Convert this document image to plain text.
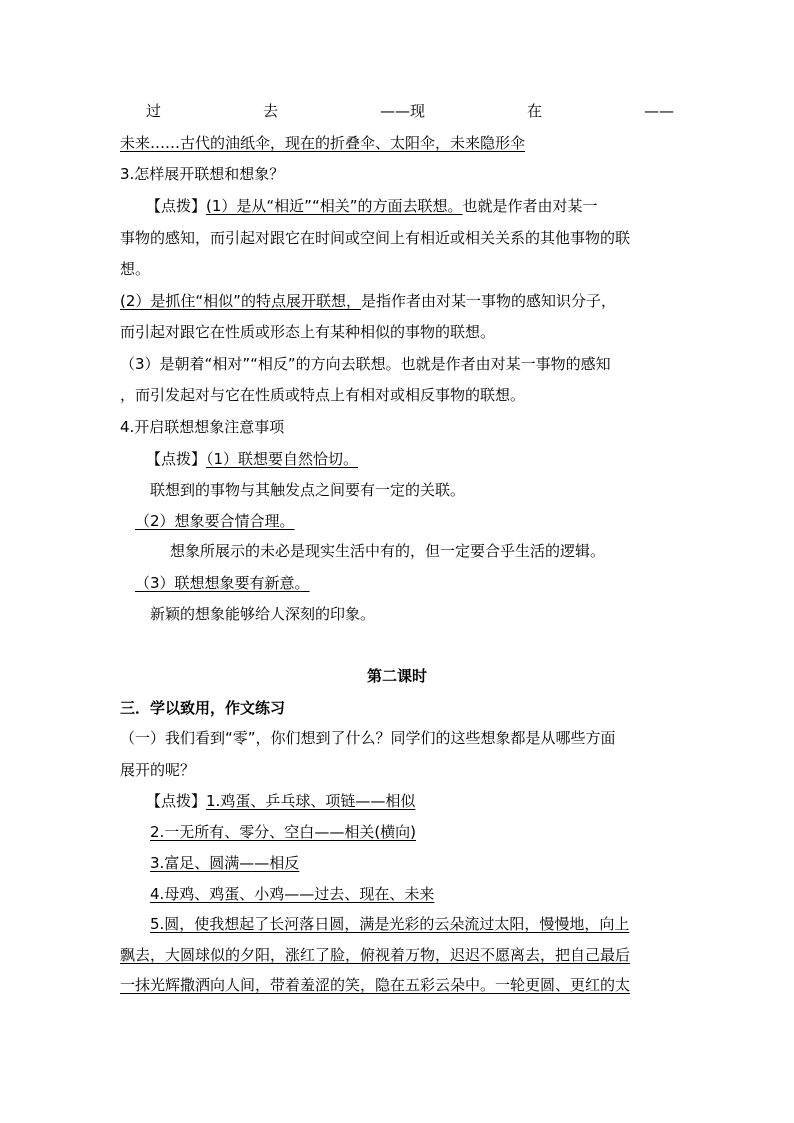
过	去	——现	在	——
未来……古代的油纸伞，现在的折叠伞、太阳伞，未来隐形伞
3.怎样展开联想和想象？
【点拨】(1）是从“相近”“相关”的方面去联想。也就是作者由对某一
事物的感知，而引起对跟它在时间或空间上有相近或相关关系的其他事物的联
想。
(2）是抓住“相似”的特点展开联想，是指作者由对某一事物的感知识分子，
而引起对跟它在性质或形态上有某种相似的事物的联想。
（3）是朝着“相对”“相反”的方向去联想。也就是作者由对某一事物的感知
，而引发起对与它在性质或特点上有相对或相反事物的联想。
4.开启联想想象注意事项
【点拨】（1）联想要自然恰切。
联想到的事物与其触发点之间要有一定的关联。
（2）想象要合情合理。
想象所展示的未必是现实生活中有的，但一定要合乎生活的逻辑。
（3）联想想象要有新意。
新颖的想象能够给人深刻的印象。
第二课时
三．学以致用，作文练习
（一）我们看到“零”，你们想到了什么？同学们的这些想象都是从哪些方面
展开的呢？
【点拨】1.鸡蛋、乒乓球、项链——相似
2.一无所有、零分、空白——相关(横向)
3.富足、圆满——相反
4.母鸡、鸡蛋、小鸡——过去、现在、未来
5.圆，使我想起了长河落日圆，满是光彩的云朵流过太阳，慢慢地，向上
飘去，大圆球似的夕阳，涨红了脸，俯视着万物，迟迟不愿离去，把自己最后
一抹光辉撒洒向人间，带着羞涩的笑，隐在五彩云朵中。一轮更圆、更红的太
